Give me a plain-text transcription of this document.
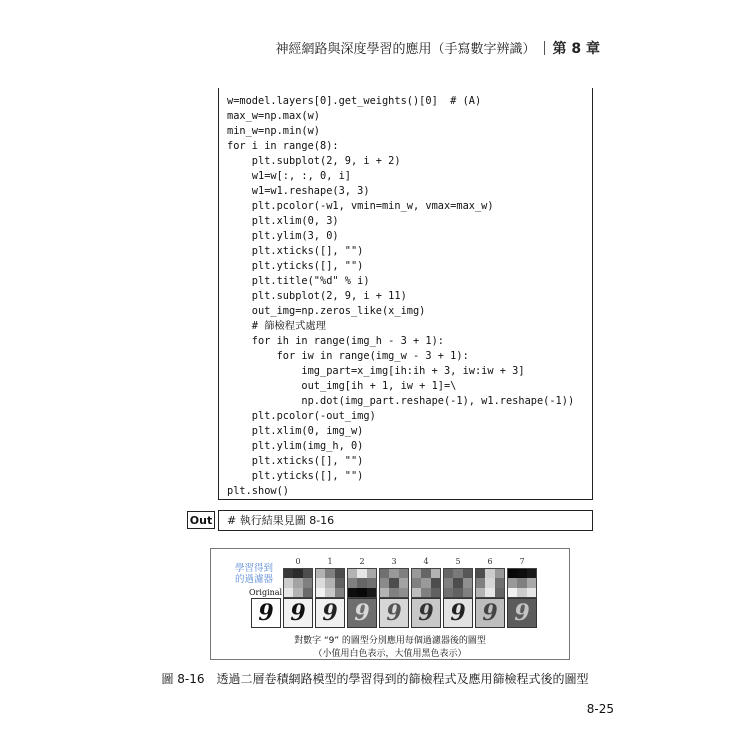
神經網路與深度學習的應用（手寫數字辨識） 第 8 章
w=model.layers[0].get_weights()[0]  # (A)
max_w=np.max(w)
min_w=np.min(w)
for i in range(8):
plt.subplot(2, 9, i + 2)
w1=w[:, :, 0, i]
w1=w1.reshape(3, 3)
plt.pcolor(-w1, vmin=min_w, vmax=max_w)
plt.xlim(0, 3)
plt.ylim(3, 0)
plt.xticks([], "")
plt.yticks([], "")
plt.title("%d" % i)
plt.subplot(2, 9, i + 11)
out_img=np.zeros_like(x_img)
# 篩檢程式處理
for ih in range(img_h - 3 + 1):
for iw in range(img_w - 3 + 1):
img_part=x_img[ih:ih + 3, iw:iw + 3]
out_img[ih + 1, iw + 1]=\
np.dot(img_part.reshape(-1), w1.reshape(-1))
plt.pcolor(-out_img)
plt.xlim(0, img_w)
plt.ylim(img_h, 0)
plt.xticks([], "")
plt.yticks([], "")
plt.show()
Out	# 執行結果見圖 8-16
學習得到
的過濾器
Original
對數字 “9” 的圖型分別應用每個過濾器後的圖型
（小值用白色表示，大值用黑色表示）
0	1	2	3	4	5	6	7
9 9 9 9 9 9 9 9 9
圖 8-16　透過二層卷積網路模型的學習得到的篩檢程式及應用篩檢程式後的圖型
8-25
